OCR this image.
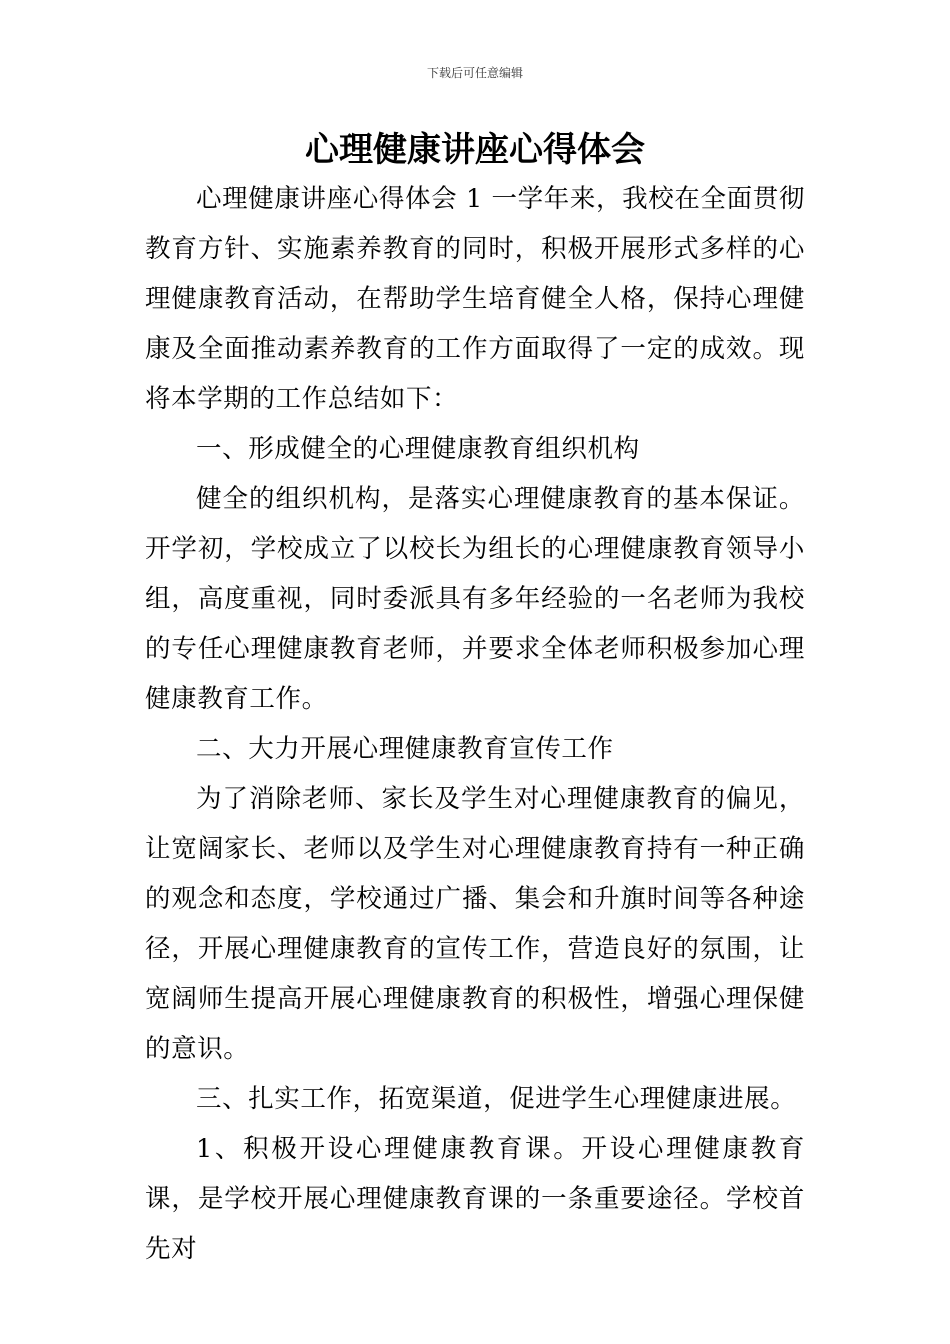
下载后可任意编辑
心理健康讲座心得体会

心理健康讲座心得体会 1 一学年来，我校在全面贯彻教育方针、实施素养教育的同时，积极开展形式多样的心理健康教育活动，在帮助学生培育健全人格，保持心理健康及全面推动素养教育的工作方面取得了一定的成效。现将本学期的工作总结如下：

一、形成健全的心理健康教育组织机构

健全的组织机构，是落实心理健康教育的基本保证。开学初，学校成立了以校长为组长的心理健康教育领导小组，高度重视，同时委派具有多年经验的一名老师为我校的专任心理健康教育老师，并要求全体老师积极参加心理健康教育工作。

二、大力开展心理健康教育宣传工作

为了消除老师、家长及学生对心理健康教育的偏见，让宽阔家长、老师以及学生对心理健康教育持有一种正确的观念和态度，学校通过广播、集会和升旗时间等各种途径，开展心理健康教育的宣传工作，营造良好的氛围，让宽阔师生提高开展心理健康教育的积极性，增强心理保健的意识。

三、扎实工作，拓宽渠道，促进学生心理健康进展。

1、积极开设心理健康教育课。开设心理健康教育课，是学校开展心理健康教育课的一条重要途径。学校首先对
